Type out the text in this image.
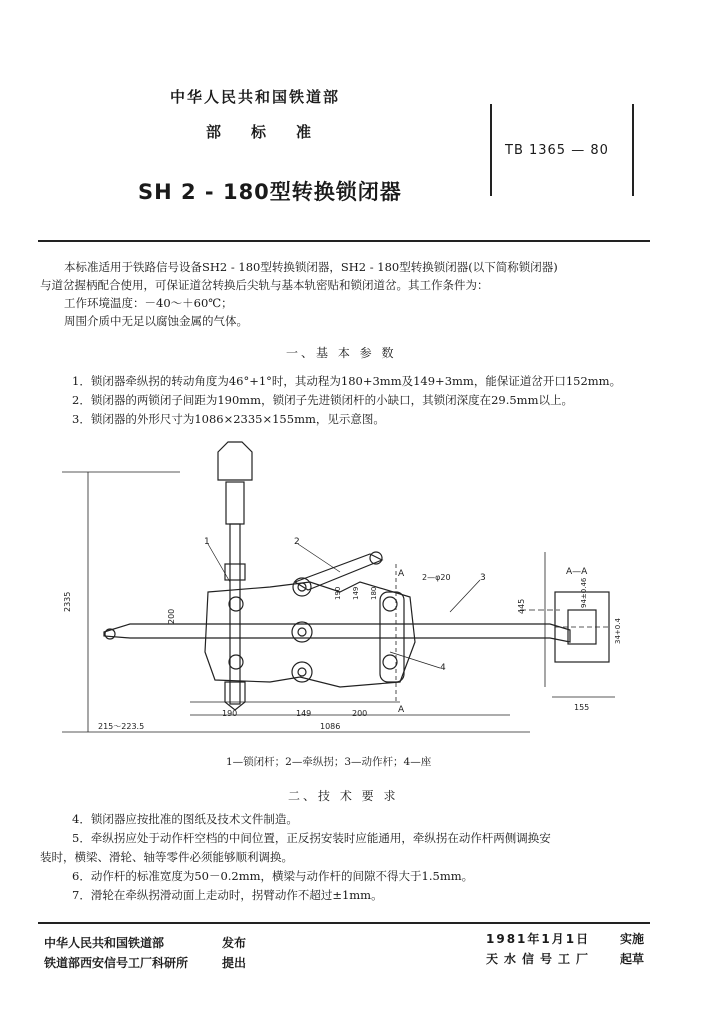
中华人民共和国铁道部
部标准
SH 2 - 180型转换锁闭器
TB 1365 — 80
本标准适用于铁路信号设备SH2 - 180型转换锁闭器，SH2 - 180型转换锁闭器(以下简称锁闭器)
与道岔握柄配合使用，可保证道岔转换后尖轨与基本轨密贴和锁闭道岔。其工作条件为：
工作环境温度：－40～＋60℃；
周围介质中无足以腐蚀金属的气体。
一、基 本 参 数
1．锁闭器牵纵拐的转动角度为46°+1°时，其动程为180+3mm及149+3mm，能保证道岔开口152mm。
2．锁闭器的两锁闭子间距为190mm，锁闭子先进锁闭杆的小缺口，其锁闭深度在29.5mm以上。
3．锁闭器的外形尺寸为1086×2335×155mm，见示意图。
1	2
3
4
A
A
A—A
2335
200
445
190 149 180
2—φ20
190	149	200
1086
215～223.5
155
94±0.46
34+0.4
1—锁闭杆；2—牵纵拐；3—动作杆；4—座
二、技 术 要 求
4．锁闭器应按批准的图纸及技术文件制造。
5．牵纵拐应处于动作杆空档的中间位置，正反拐安装时应能通用，牵纵拐在动作杆两侧调换安
装时，横梁、滑轮、轴等零件必须能够顺利调换。
6．动作杆的标准宽度为50－0.2mm，横梁与动作杆的间隙不得大于1.5mm。
7．滑轮在牵纵拐滑动面上走动时，拐臂动作不超过±1mm。
中华人民共和国铁道部	发布	1981年1月1日 实施
铁道部西安信号工厂科研所	提出	天水信号工厂 起草
